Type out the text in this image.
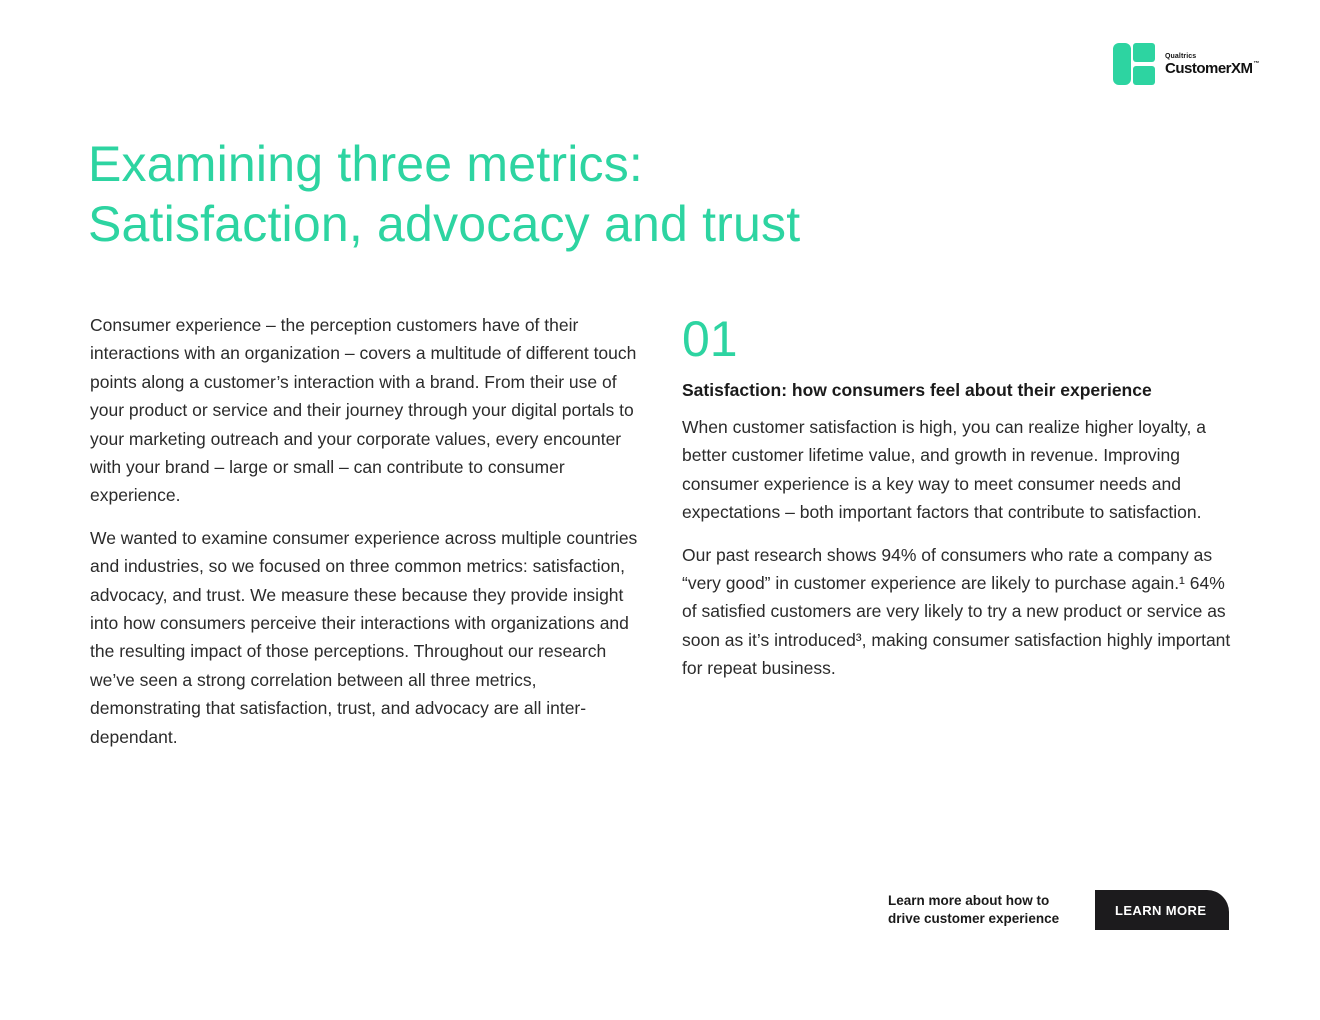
Qualtrics
CustomerXM™
Examining three metrics:
Satisfaction, advocacy and trust

Consumer experience – the perception customers have of their interactions with an organization – covers a multitude of different touch points along a customer’s interaction with a brand. From their use of your product or service and their journey through your digital portals to your marketing outreach and your corporate values, every encounter with your brand – large or small – can contribute to consumer experience.

We wanted to examine consumer experience across multiple countries and industries, so we focused on three common metrics: satisfaction, advocacy, and trust. We measure these because they provide insight into how consumers perceive their interactions with organizations and the resulting impact of those perceptions. Throughout our research we’ve seen a strong correlation between all three metrics, demonstrating that satisfaction, trust, and advocacy are all inter-dependant.

01
Satisfaction: how consumers feel about their experience

When customer satisfaction is high, you can realize higher loyalty, a better customer lifetime value, and growth in revenue. Improving consumer experience is a key way to meet consumer needs and expectations – both important factors that contribute to satisfaction.

Our past research shows 94% of consumers who rate a company as “very good” in customer experience are likely to purchase again.¹ 64% of satisfied customers are very likely to try a new product or service as soon as it’s introduced³, making consumer satisfaction highly important for repeat business.

Learn more about how to
drive customer experience
LEARN MORE
